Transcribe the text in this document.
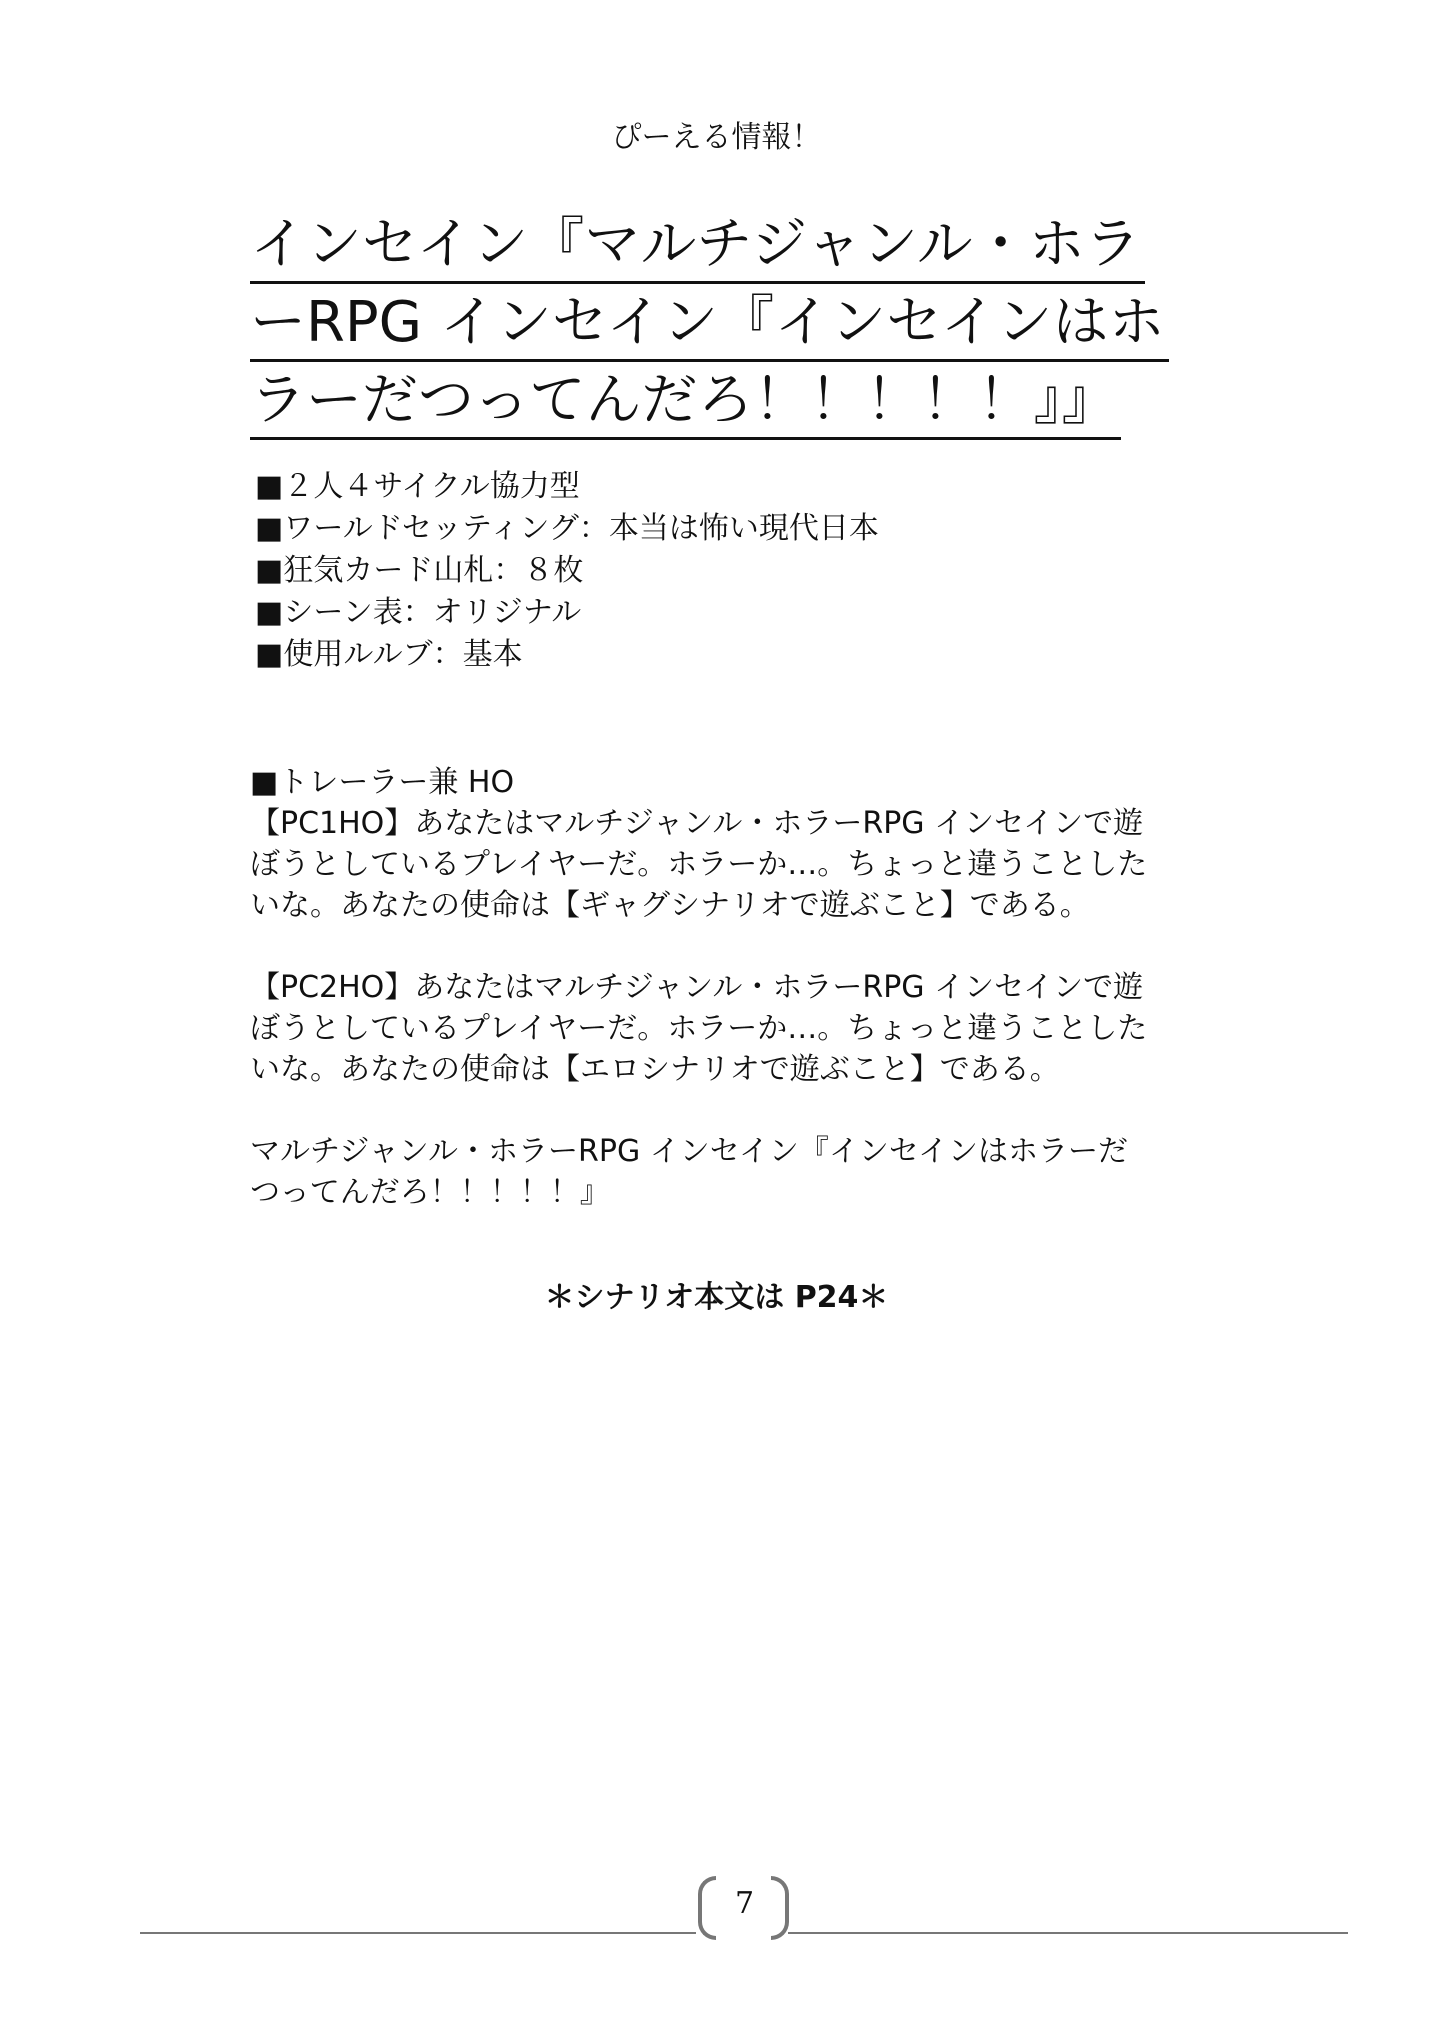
ぴーえる情報！
インセイン『マルチジャンル・ホラ
ーRPG インセイン『インセインはホ
ラーだつってんだろ！！！！！』』
■２人４サイクル協力型
■ワールドセッティング：本当は怖い現代日本
■狂気カード山札：８枚
■シーン表：オリジナル
■使用ルルブ：基本
■トレーラー兼 HO
【PC1HO】あなたはマルチジャンル・ホラーRPG インセインで遊
ぼうとしているプレイヤーだ。ホラーか…。ちょっと違うことした
いな。あなたの使命は【ギャグシナリオで遊ぶこと】である。
【PC2HO】あなたはマルチジャンル・ホラーRPG インセインで遊
ぼうとしているプレイヤーだ。ホラーか…。ちょっと違うことした
いな。あなたの使命は【エロシナリオで遊ぶこと】である。
マルチジャンル・ホラーRPG インセイン『インセインはホラーだ
つってんだろ！！！！！』
＊シナリオ本文は P24＊
7
